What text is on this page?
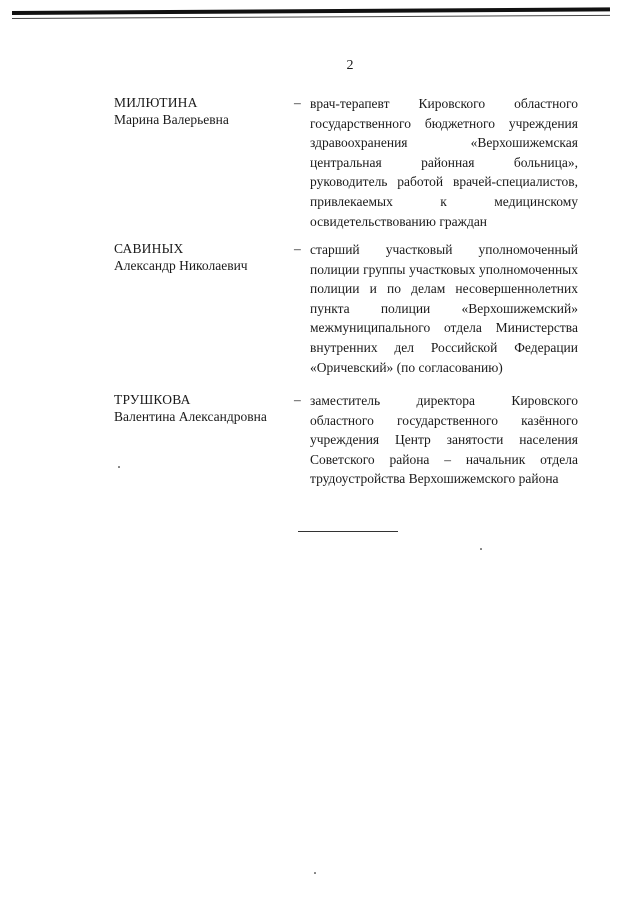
2
МИЛЮТИНА
Марина Валерьевна
– врач-терапевт Кировского областного государственного бюджетного учреждения здравоохранения «Верхошижемская центральная районная больница», руководитель работой врачей-специалистов, привлекаемых к медицинскому освидетельствованию граждан
САВИНЫХ
Александр Николаевич
– старший участковый уполномоченный полиции группы участковых уполномоченных полиции и по делам несовершеннолетних пункта полиции «Верхошижемский» межмуниципального отдела Министерства внутренних дел Российской Федерации «Оричевский» (по согласованию)
ТРУШКОВА
Валентина Александровна
– заместитель директора Кировского областного государственного казённого учреждения Центр занятости населения Советского района – начальник отдела трудоустройства Верхошижемского района
